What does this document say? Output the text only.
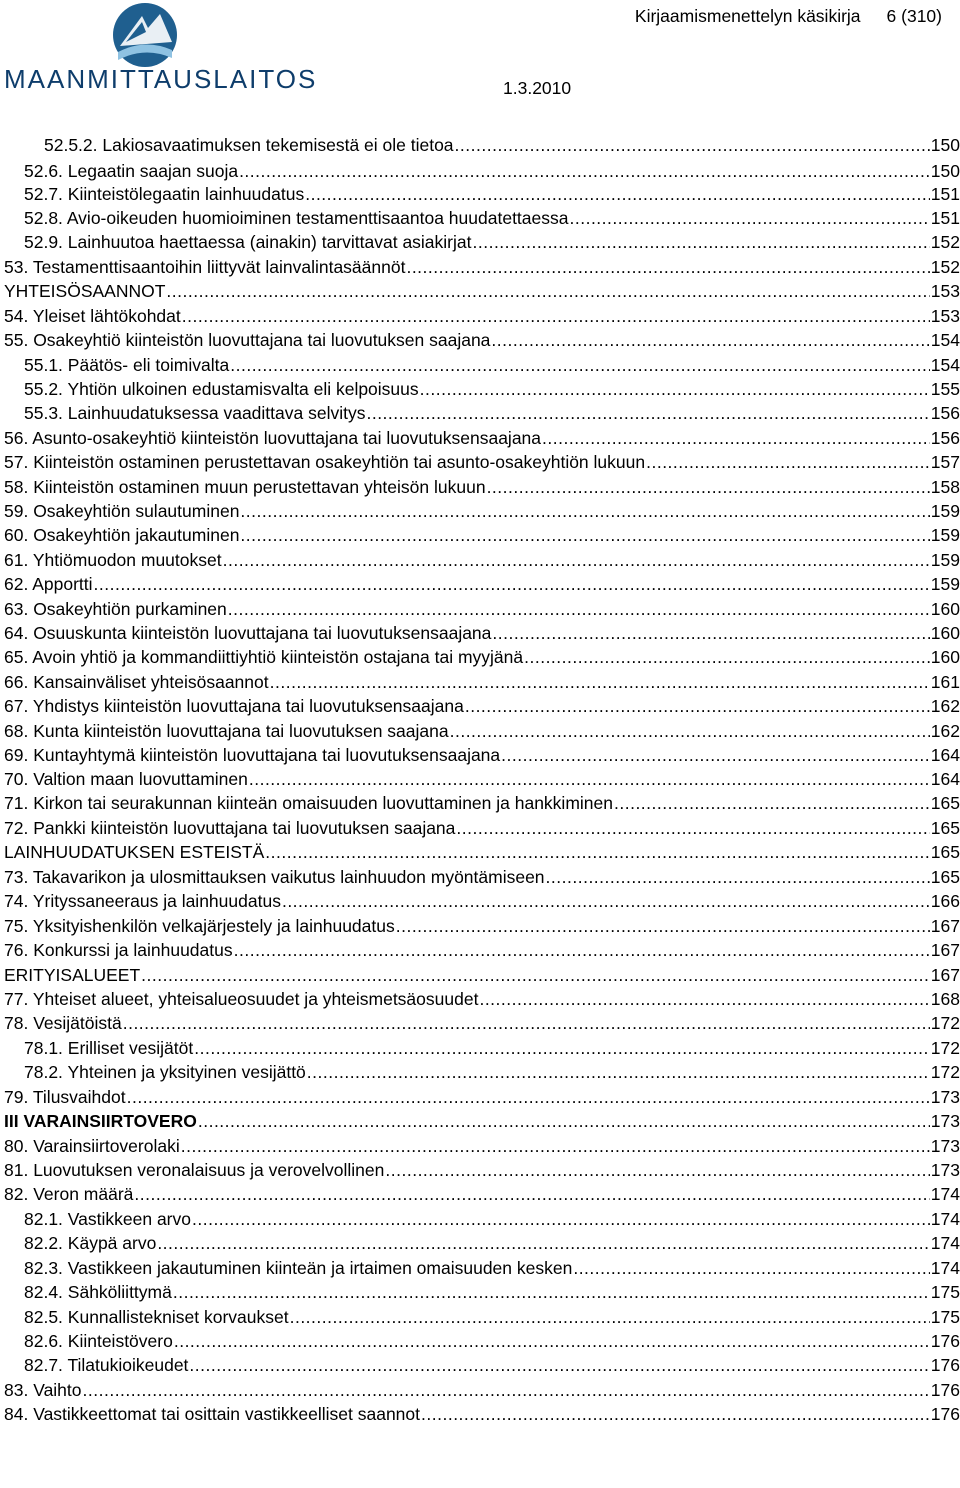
MAANMITTAUSLAITOS
Kirjaamismenettelyn käsikirja 6 (310)
1.3.2010
52.5.2. Lakiosavaatimuksen tekemisestä ei ole tietoa .....	150
52.6. Legaatin saajan suoja .....	150
52.7. Kiinteistölegaatin lainhuudatus .....	151
52.8. Avio-oikeuden huomioiminen testamenttisaantoa huudatettaessa .....	151
52.9. Lainhuutoa haettaessa (ainakin) tarvittavat asiakirjat .....	152
53. Testamenttisaantoihin liittyvät lainvalintasäännöt .....	152
YHTEISÖSAANNOT .....	153
54. Yleiset lähtökohdat .....	153
55. Osakeyhtiö kiinteistön luovuttajana tai luovutuksen saajana .....	154
55.1. Päätös- eli toimivalta .....	154
55.2. Yhtiön ulkoinen edustamisvalta eli kelpoisuus .....	155
55.3. Lainhuudatuksessa vaadittava selvitys .....	156
56. Asunto-osakeyhtiö kiinteistön luovuttajana tai luovutuksensaajana .....	156
57. Kiinteistön ostaminen perustettavan osakeyhtiön tai asunto-osakeyhtiön lukuun .....	157
58. Kiinteistön ostaminen muun perustettavan yhteisön lukuun .....	158
59. Osakeyhtiön sulautuminen .....	159
60. Osakeyhtiön jakautuminen .....	159
61. Yhtiömuodon muutokset .....	159
62. Apportti .....	159
63. Osakeyhtiön purkaminen .....	160
64. Osuuskunta kiinteistön luovuttajana tai luovutuksensaajana .....	160
65. Avoin yhtiö ja kommandiittiyhtiö kiinteistön ostajana tai myyjänä .....	160
66. Kansainväliset yhteisösaannot .....	161
67. Yhdistys kiinteistön luovuttajana tai luovutuksensaajana .....	162
68. Kunta kiinteistön luovuttajana tai luovutuksen saajana .....	162
69. Kuntayhtymä kiinteistön luovuttajana tai luovutuksensaajana .....	164
70. Valtion maan luovuttaminen .....	164
71. Kirkon tai seurakunnan kiinteän omaisuuden luovuttaminen ja hankkiminen .....	165
72. Pankki kiinteistön luovuttajana tai luovutuksen saajana .....	165
LAINHUUDATUKSEN ESTEISTÄ .....	165
73. Takavarikon ja ulosmittauksen vaikutus lainhuudon myöntämiseen .....	165
74. Yrityssaneeraus ja lainhuudatus .....	166
75. Yksityishenkilön velkajärjestely ja lainhuudatus .....	167
76. Konkurssi ja lainhuudatus .....	167
ERITYISALUEET .....	167
77. Yhteiset alueet, yhteisalueosuudet ja yhteismetsäosuudet .....	168
78. Vesijätöistä .....	172
78.1. Erilliset vesijätöt .....	172
78.2. Yhteinen ja yksityinen vesijättö .....	172
79. Tilusvaihdot .....	173
III VARAINSIIRTOVERO .....	173
80. Varainsiirtoverolaki .....	173
81. Luovutuksen veronalaisuus ja verovelvollinen .....	173
82. Veron määrä .....	174
82.1. Vastikkeen arvo .....	174
82.2. Käypä arvo .....	174
82.3. Vastikkeen jakautuminen kiinteän ja irtaimen omaisuuden kesken .....	174
82.4. Sähköliittymä .....	175
82.5. Kunnallistekniset korvaukset .....	175
82.6. Kiinteistövero .....	176
82.7. Tilatukioikeudet .....	176
83. Vaihto .....	176
84. Vastikkeettomat tai osittain vastikkeelliset saannot .....	176
